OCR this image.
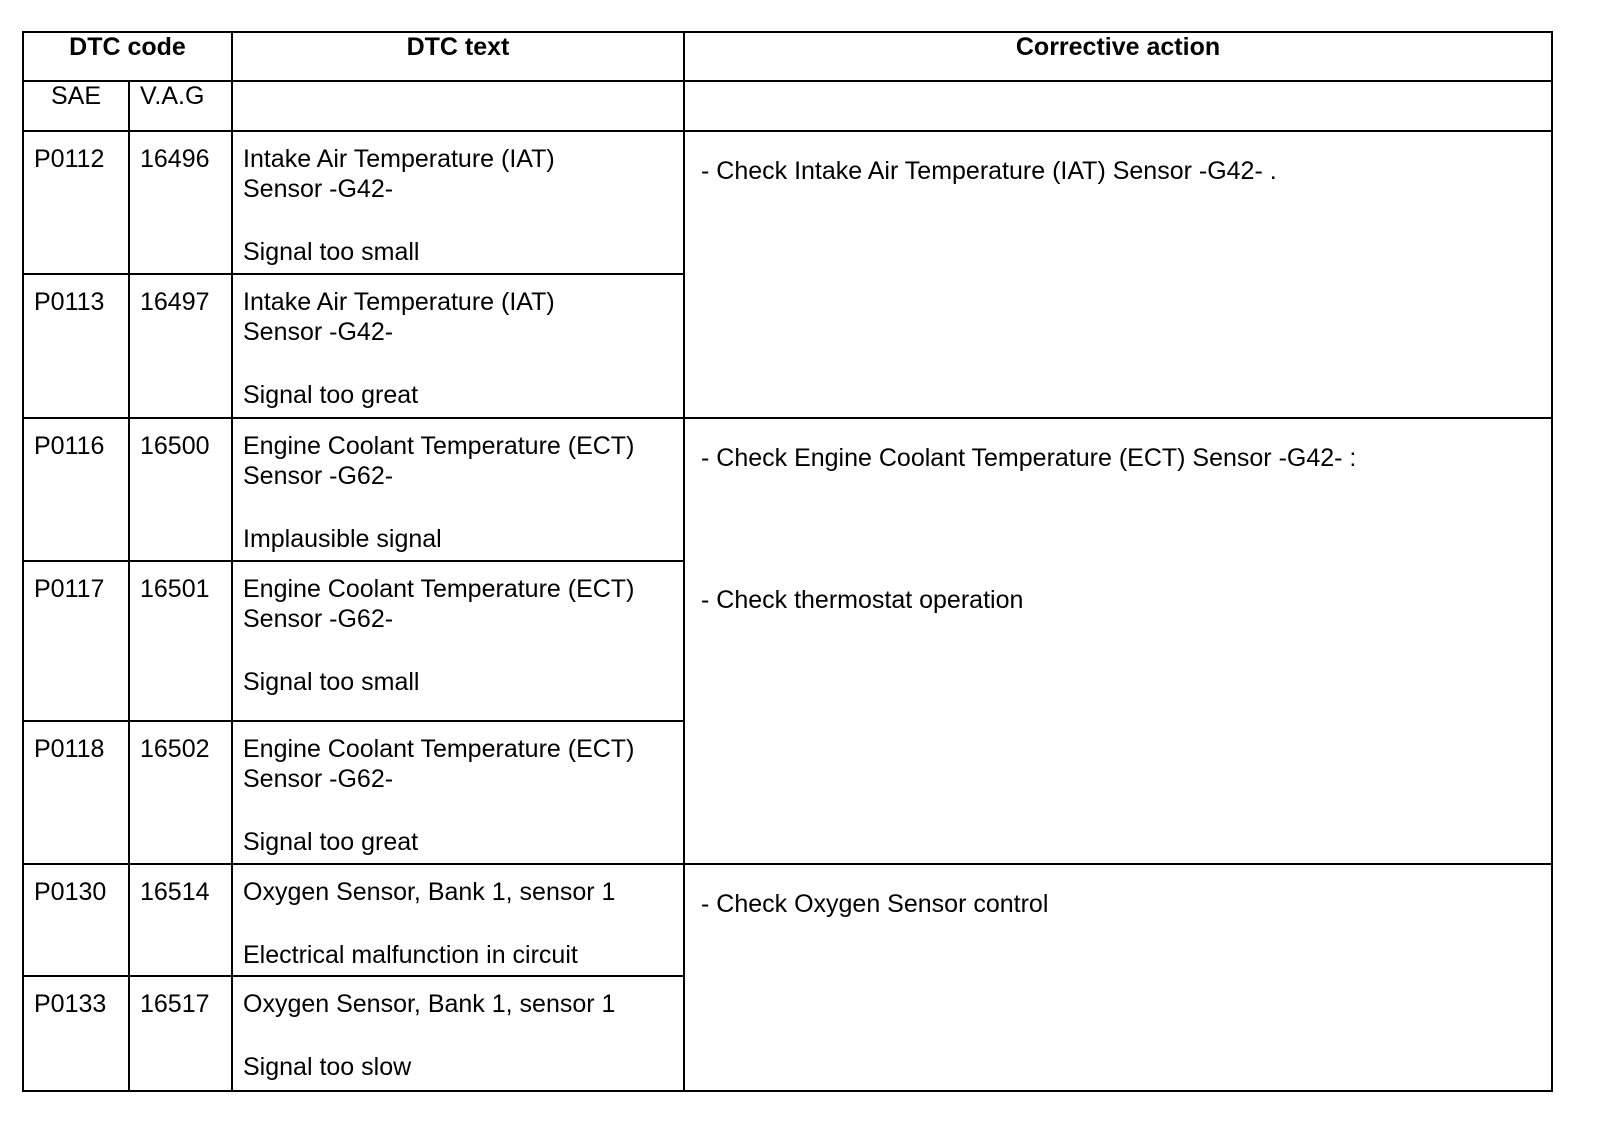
DTC code		DTC text	Corrective action
SAE	V.A.G		
P0112	16496	Intake Air Temperature (IAT)
Sensor -G42-
Signal too small	- Check Intake Air Temperature (IAT) Sensor -G42- .
P0113	16497	Intake Air Temperature (IAT)
Sensor -G42-
Signal too great	

P0116	16500	Engine Coolant Temperature (ECT)
Sensor -G62-
Implausible signal	- Check Engine Coolant Temperature (ECT) Sensor -G42- :
- Check thermostat operation

P0117	16501	Engine Coolant Temperature (ECT)
Sensor -G62-
Signal too small	

P0118	16502	Engine Coolant Temperature (ECT)
Sensor -G62-
Signal too great	

P0130	16514	Oxygen Sensor, Bank 1, sensor 1
Electrical malfunction in circuit	- Check Oxygen Sensor control
P0133	16517	Oxygen Sensor, Bank 1, sensor 1
Signal too slow	
